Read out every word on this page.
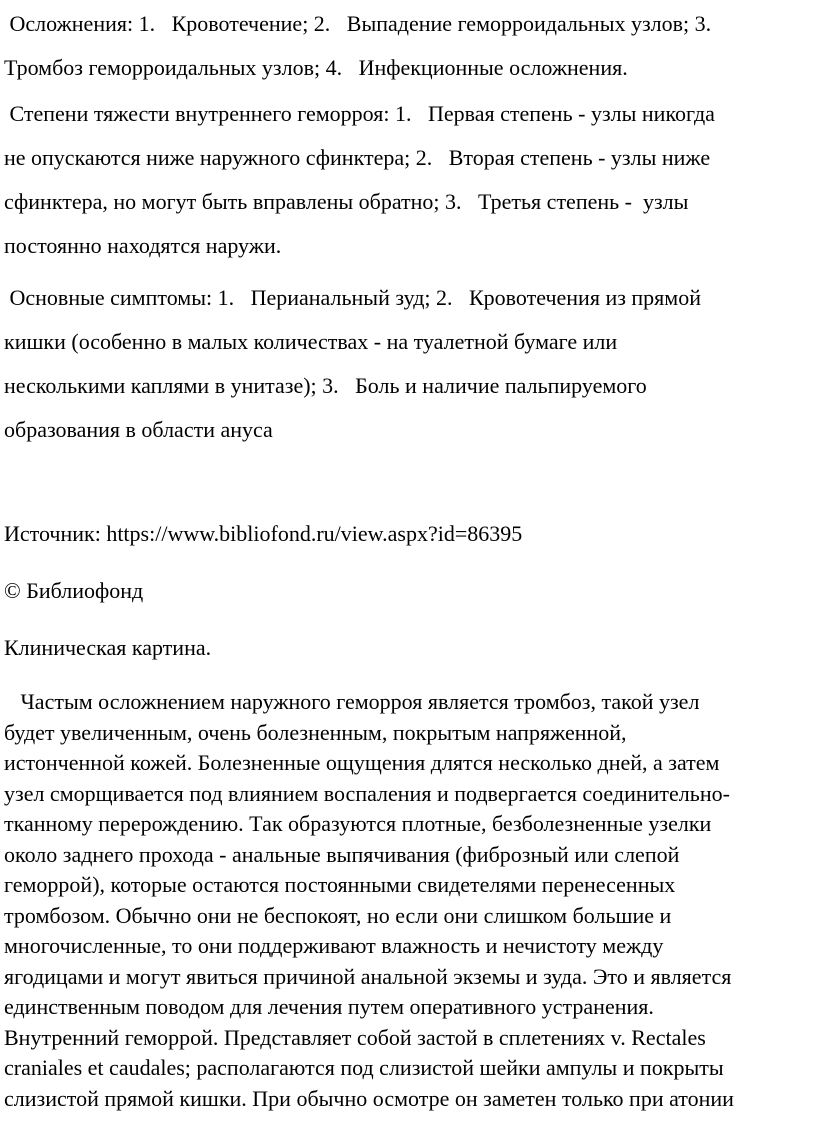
Осложнения: 1.   Кровотечение; 2.   Выпадение геморроидальных узлов; 3.
Тромбоз геморроидальных узлов; 4.   Инфекционные осложнения.
Степени тяжести внутреннего геморроя: 1.   Первая степень - узлы никогда
не опускаются ниже наружного сфинктера; 2.   Вторая степень - узлы ниже
сфинктера, но могут быть вправлены обратно; 3.   Третья степень -  узлы
постоянно находятся наружи.
Основные симптомы: 1.   Перианальный зуд; 2.   Кровотечения из прямой
кишки (особенно в малых количествах - на туалетной бумаге или
несколькими каплями в унитазе); 3.   Боль и наличие пальпируемого
образования в области ануса
Источник: https://www.bibliofond.ru/view.aspx?id=86395
© Библиофонд
Клиническая картина.
Частым осложнением наружного геморроя является тромбоз, такой узел
будет увеличенным, очень болезненным, покрытым напряженной,
истонченной кожей. Болезненные ощущения длятся несколько дней, а затем
узел сморщивается под влиянием воспаления и подвергается соединительно-
тканному перерождению. Так образуются плотные, безболезненные узелки
около заднего прохода - анальные выпячивания (фиброзный или слепой
геморрой), которые остаются постоянными свидетелями перенесенных
тромбозом. Обычно они не беспокоят, но если они слишком большие и
многочисленные, то они поддерживают влажность и нечистоту между
ягодицами и могут явиться причиной анальной экземы и зуда. Это и является
единственным поводом для лечения путем оперативного устранения.
Внутренний геморрой. Представляет собой застой в сплетениях v. Rectales
craniales et caudales; располагаются под слизистой шейки ампулы и покрыты
слизистой прямой кишки. При обычно осмотре он заметен только при атонии
